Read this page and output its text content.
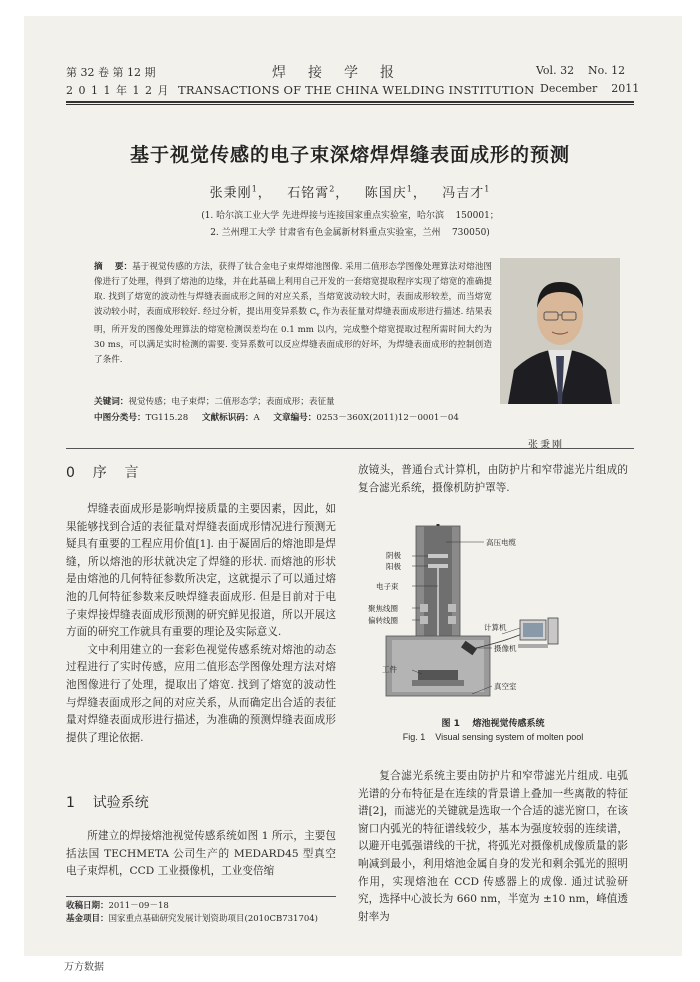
第 32 卷 第 12 期
2 0 1 1 年 1 2 月
焊接学报
TRANSACTIONS OF THE CHINA WELDING INSTITUTION
Vol. 32    No. 12
December    2011
基于视觉传感的电子束深熔焊焊缝表面成形的预测
张秉刚$^1$，   石铭霄$^2$，   陈国庆$^1$，   冯吉才$^1$
(1. 哈尔滨工业大学 先进焊接与连接国家重点实验室，哈尔滨    150001；
2. 兰州理工大学 甘肃省有色金属新材料重点实验室，兰州    730050)
摘    要：基于视觉传感的方法，获得了钛合金电子束焊熔池图像. 采用二值形态学图像处理算法对熔池图像进行了处理，得到了熔池的边缘，并在此基础上利用自己开发的一套熔宽提取程序实现了熔宽的准确提取. 找到了熔宽的波动性与焊缝表面成形之间的对应关系，当熔宽波动较大时，表面成形较差，而当熔宽波动较小时，表面成形较好. 经过分析，提出用变异系数 $C_v$ 作为表征量对焊缝表面成形进行描述. 结果表明，所开发的图像处理算法的熔宽检测误差均在 0.1 mm 以内，完成整个熔宽提取过程所需时间大约为 30 ms，可以满足实时检测的需要. 变异系数可以反应焊缝表面成形的好坏，为焊缝表面成形的控制创造了条件.
关键词：视觉传感；电子束焊；二值形态学；表面成形；表征量
中图分类号：TG115.28 文献标识码：A 文章编号：0253－360X(2011)12－0001－04
张秉刚
0 序    言

焊缝表面成形是影响焊接质量的主要因素，因此，如果能够找到合适的表征量对焊缝表面成形情况进行预测无疑具有重要的工程应用价值[1]. 由于凝固后的熔池即是焊缝，所以熔池的形状就决定了焊缝的形状. 而熔池的形状是由熔池的几何特征参数所决定，这就提示了可以通过熔池的几何特征参数来反映焊缝表面成形. 但是目前对于电子束焊接焊缝表面成形预测的研究鲜见报道，所以开展这方面的研究工作就具有重要的理论及实际意义.

文中利用建立的一套彩色视觉传感系统对熔池的动态过程进行了实时传感，应用二值形态学图像处理方法对熔池图像进行了处理，提取出了熔宽. 找到了熔宽的波动性与焊缝表面成形之间的对应关系，从而确定出合适的表征量对焊缝表面成形进行描述，为准确的预测焊缝表面成形提供了理论依据.

1 试验系统

所建立的焊接熔池视觉传感系统如图 1 所示，主要包括法国 TECHMETA 公司生产的 MEDARD45 型真空电子束焊机，CCD 工业摄像机，工业变倍缩

收稿日期：2011－09－18
基金项目：国家重点基础研究发展计划资助项目(2010CB731704)

放镜头，普通台式计算机，由防护片和窄带滤光片组成的复合滤光系统，摄像机防护罩等.

高压电缆
阴极
阳极
电子束
聚焦线圈
偏转线圈
计算机
摄像机
工件
真空室
图 1    熔池视觉传感系统
Fig. 1    Visual sensing system of molten pool

复合滤光系统主要由防护片和窄带滤光片组成. 电弧光谱的分布特征是在连续的背景谱上叠加一些离散的特征谱[2]，而滤光的关键就是选取一个合适的滤光窗口，在该窗口内弧光的特征谱线较少，基本为强度较弱的连续谱，以避开电弧强谱线的干扰，将弧光对摄像机成像质量的影响减到最小，利用熔池金属自身的发光和剩余弧光的照明作用，实现熔池在 CCD 传感器上的成像. 通过试验研究，选择中心波长为 660 nm，半宽为 ±10 nm，峰值透射率为

万方数据
